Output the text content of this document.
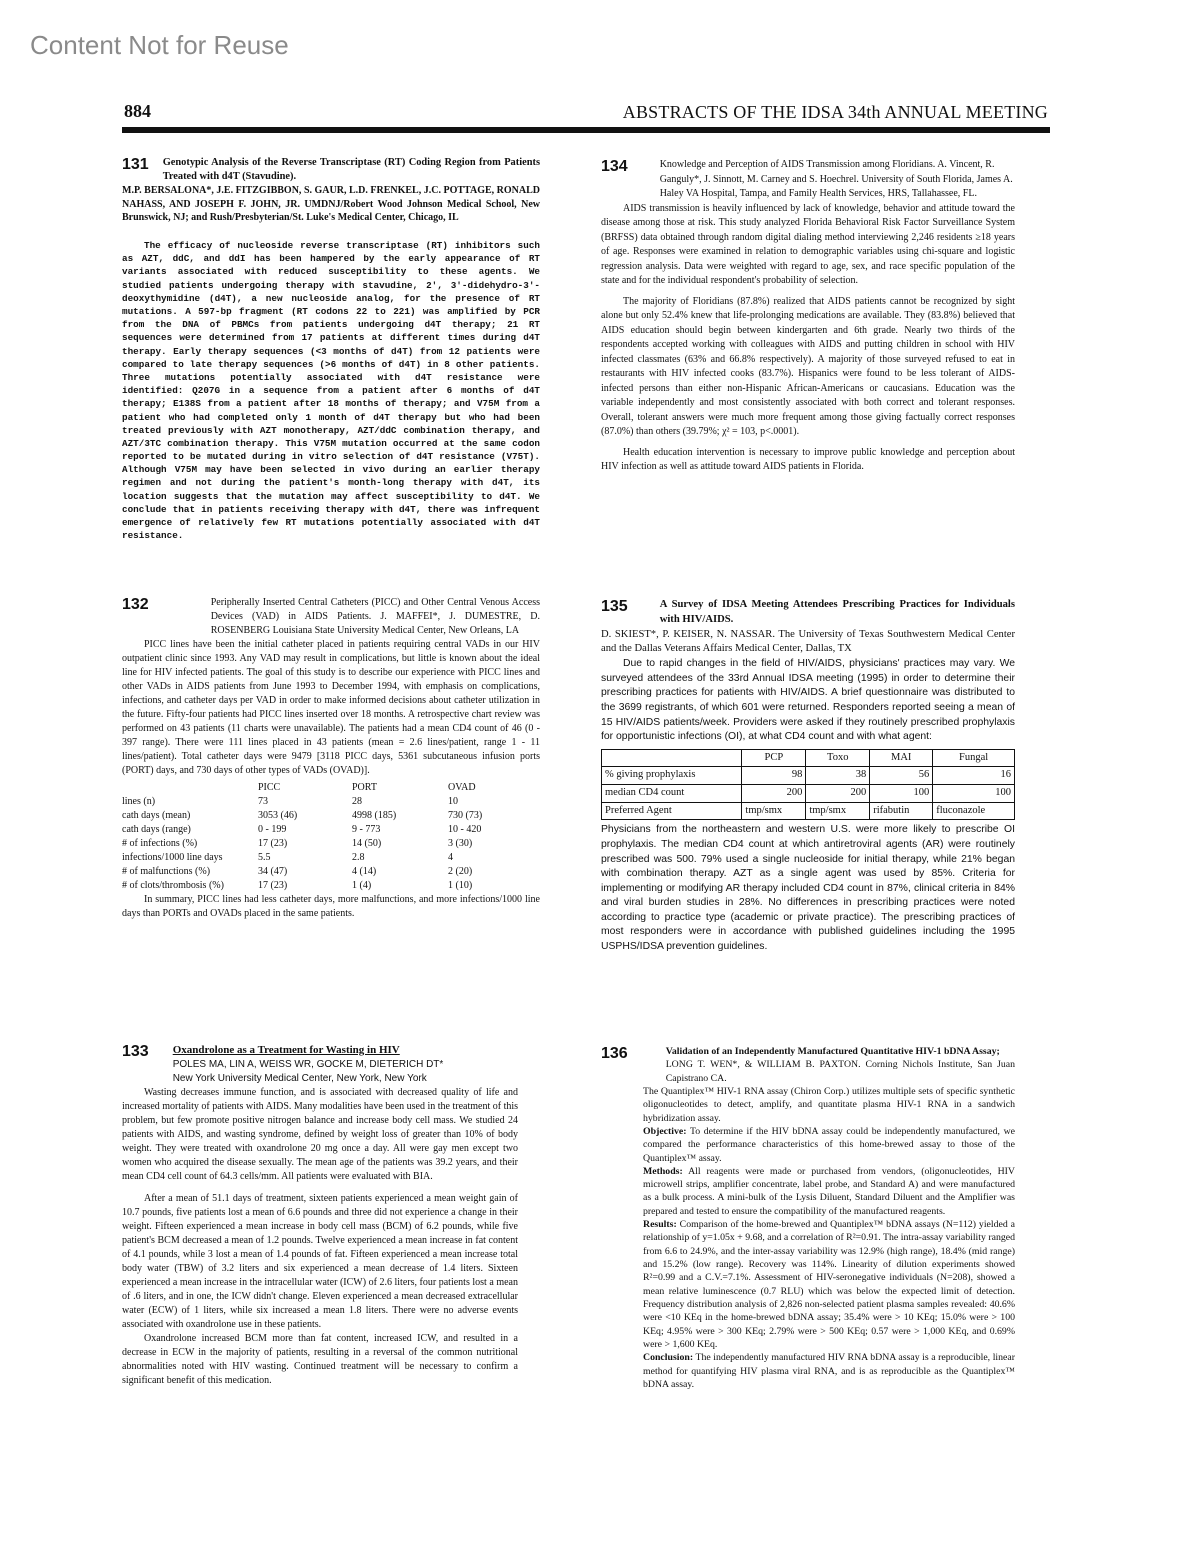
Content Not for Reuse
884	ABSTRACTS OF THE IDSA 34th ANNUAL MEETING
131 Genotypic Analysis of the Reverse Transcriptase (RT) Coding Region from Patients Treated with d4T (Stavudine).

M.P. BERSALONA*, J.E. FITZGIBBON, S. GAUR, L.D. FRENKEL, J.C. POTTAGE, RONALD NAHASS, AND JOSEPH F. JOHN, JR. UMDNJ/Robert Wood Johnson Medical School, New Brunswick, NJ; and Rush/Presbyterian/St. Luke's Medical Center, Chicago, IL

The efficacy of nucleoside reverse transcriptase (RT) inhibitors such as AZT, ddC, and ddI has been hampered by the early appearance of RT variants associated with reduced susceptibility to these agents. We studied patients undergoing therapy with stavudine, 2', 3'-didehydro-3'-deoxythymidine (d4T), a new nucleoside analog, for the presence of RT mutations. A 597-bp fragment (RT codons 22 to 221) was amplified by PCR from the DNA of PBMCs from patients undergoing d4T therapy; 21 RT sequences were determined from 17 patients at different times during d4T therapy. Early therapy sequences (<3 months of d4T) from 12 patients were compared to late therapy sequences (>6 months of d4T) in 8 other patients. Three mutations potentially associated with d4T resistance were identified: Q207G in a sequence from a patient after 6 months of d4T therapy; E138S from a patient after 18 months of therapy; and V75M from a patient who had completed only 1 month of d4T therapy but who had been treated previously with AZT monotherapy, AZT/ddC combination therapy, and AZT/3TC combination therapy. This V75M mutation occurred at the same codon reported to be mutated during in vitro selection of d4T resistance (V75T). Although V75M may have been selected in vivo during an earlier therapy regimen and not during the patient's month-long therapy with d4T, its location suggests that the mutation may affect susceptibility to d4T. We conclude that in patients receiving therapy with d4T, there was infrequent emergence of relatively few RT mutations potentially associated with d4T resistance.

132	Peripherally Inserted Central Catheters (PICC) and Other Central Venous Access Devices (VAD) in AIDS Patients. J. MAFFEI*, J. DUMESTRE, D. ROSENBERG Louisiana State University Medical Center, New Orleans, LA

PICC lines have been the initial catheter placed in patients requiring central VADs in our HIV outpatient clinic since 1993. Any VAD may result in complications, but little is known about the ideal line for HIV infected patients. The goal of this study is to describe our experience with PICC lines and other VADs in AIDS patients from June 1993 to December 1994, with emphasis on complications, infections, and catheter days per VAD in order to make informed decisions about catheter utilization in the future. Fifty-four patients had PICC lines inserted over 18 months. A retrospective chart review was performed on 43 patients (11 charts were unavailable). The patients had a mean CD4 count of 46 (0 - 397 range). There were 111 lines placed in 43 patients (mean = 2.6 lines/patient, range 1 - 11 lines/patient). Total catheter days were 9479 [3118 PICC days, 5361 subcutaneous infusion ports (PORT) days, and 730 days of other types of VADs (OVAD)].

	PICC	PORT	OVAD
lines (n)	73	28	10
cath days (mean)	3053 (46)	4998 (185)	730 (73)
cath days (range)	0 - 199	9 - 773	10 - 420
# of infections (%)	17 (23)	14 (50)	3 (30)
infections/1000 line days	5.5	2.8	4
# of malfunctions (%)	34 (47)	4 (14)	2 (20)
# of clots/thrombosis (%)	17 (23)	1 (4)	1 (10)

In summary, PICC lines had less catheter days, more malfunctions, and more infections/1000 line days than PORTs and OVADs placed in the same patients.

133 Oxandrolone as a Treatment for Wasting in HIV

POLES MA, LIN A, WEISS WR, GOCKE M, DIETERICH DT*

New York University Medical Center, New York, New York

Wasting decreases immune function, and is associated with decreased quality of life and increased mortality of patients with AIDS. Many modalities have been used in the treatment of this problem, but few promote positive nitrogen balance and increase body cell mass. We studied 24 patients with AIDS, and wasting syndrome, defined by weight loss of greater than 10% of body weight. They were treated with oxandrolone 20 mg once a day. All were gay men except two women who acquired the disease sexually. The mean age of the patients was 39.2 years, and their mean CD4 cell count of 64.3 cells/mm. All patients were evaluated with BIA.

After a mean of 51.1 days of treatment, sixteen patients experienced a mean weight gain of 10.7 pounds, five patients lost a mean of 6.6 pounds and three did not experience a change in their weight. Fifteen experienced a mean increase in body cell mass (BCM) of 6.2 pounds, while five patient's BCM decreased a mean of 1.2 pounds. Twelve experienced a mean increase in fat content of 4.1 pounds, while 3 lost a mean of 1.4 pounds of fat. Fifteen experienced a mean increase total body water (TBW) of 3.2 liters and six experienced a mean decrease of 1.4 liters. Sixteen experienced a mean increase in the intracellular water (ICW) of 2.6 liters, four patients lost a mean of .6 liters, and in one, the ICW didn't change. Eleven experienced a mean decreased extracellular water (ECW) of 1 liters, while six increased a mean 1.8 liters. There were no adverse events associated with oxandrolone use in these patients.

Oxandrolone increased BCM more than fat content, increased ICW, and resulted in a decrease in ECW in the majority of patients, resulting in a reversal of the common nutritional abnormalities noted with HIV wasting. Continued treatment will be necessary to confirm a significant benefit of this medication.

134	Knowledge and Perception of AIDS Transmission among Floridians. A. Vincent, R. Ganguly*, J. Sinnott, M. Carney and S. Hoechrel. University of South Florida, James A. Haley VA Hospital, Tampa, and Family Health Services, HRS, Tallahassee, FL.

AIDS transmission is heavily influenced by lack of knowledge, behavior and attitude toward the disease among those at risk. This study analyzed Florida Behavioral Risk Factor Surveillance System (BRFSS) data obtained through random digital dialing method interviewing 2,246 residents ≥18 years of age. Responses were examined in relation to demographic variables using chi-square and logistic regression analysis. Data were weighted with regard to age, sex, and race specific population of the state and for the individual respondent's probability of selection.

The majority of Floridians (87.8%) realized that AIDS patients cannot be recognized by sight alone but only 52.4% knew that life-prolonging medications are available. They (83.8%) believed that AIDS education should begin between kindergarten and 6th grade. Nearly two thirds of the respondents accepted working with colleagues with AIDS and putting children in school with HIV infected classmates (63% and 66.8% respectively). A majority of those surveyed refused to eat in restaurants with HIV infected cooks (83.7%). Hispanics were found to be less tolerant of AIDS-infected persons than either non-Hispanic African-Americans or caucasians. Education was the variable independently and most consistently associated with both correct and tolerant responses. Overall, tolerant answers were much more frequent among those giving factually correct responses (87.0%) than others (39.79%; χ² = 103, p<.0001).

Health education intervention is necessary to improve public knowledge and perception about HIV infection as well as attitude toward AIDS patients in Florida.

135	A Survey of IDSA Meeting Attendees Prescribing Practices for Individuals with HIV/AIDS.

D. SKIEST*, P. KEISER, N. NASSAR. The University of Texas Southwestern Medical Center and the Dallas Veterans Affairs Medical Center, Dallas, TX

Due to rapid changes in the field of HIV/AIDS, physicians' practices may vary. We surveyed attendees of the 33rd Annual IDSA meeting (1995) in order to determine their prescribing practices for patients with HIV/AIDS. A brief questionnaire was distributed to the 3699 registrants, of which 601 were returned. Responders reported seeing a mean of 15 HIV/AIDS patients/week. Providers were asked if they routinely prescribed prophylaxis for opportunistic infections (OI), at what CD4 count and with what agent:

	PCP	Toxo	MAI	Fungal
% giving prophylaxis	98	38	56	16
median CD4 count	200	200	100	100
Preferred Agent	tmp/smx	tmp/smx	rifabutin	fluconazole

Physicians from the northeastern and western U.S. were more likely to prescribe OI prophylaxis. The median CD4 count at which antiretroviral agents (AR) were routinely prescribed was 500. 79% used a single nucleoside for initial therapy, while 21% began with combination therapy. AZT as a single agent was used by 85%. Criteria for implementing or modifying AR therapy included CD4 count in 87%, clinical criteria in 84% and viral burden studies in 28%. No differences in prescribing practices were noted according to practice type (academic or private practice). The prescribing practices of most responders were in accordance with published guidelines including the 1995 USPHS/IDSA prevention guidelines.

136	Validation of an Independently Manufactured Quantitative HIV-1 bDNA Assay;

LONG T. WEN*, & WILLIAM B. PAXTON. Corning Nichols Institute, San Juan Capistrano CA.

The Quantiplex™ HIV-1 RNA assay (Chiron Corp.) utilizes multiple sets of specific synthetic oligonucleotides to detect, amplify, and quantitate plasma HIV-1 RNA in a sandwich hybridization assay.

Objective: To determine if the HIV bDNA assay could be independently manufactured, we compared the performance characteristics of this home-brewed assay to those of the Quantiplex™ assay.

Methods: All reagents were made or purchased from vendors, (oligonucleotides, HIV microwell strips, amplifier concentrate, label probe, and Standard A) and were manufactured as a bulk process. A mini-bulk of the Lysis Diluent, Standard Diluent and the Amplifier was prepared and tested to ensure the compatibility of the manufactured reagents.

Results: Comparison of the home-brewed and Quantiplex™ bDNA assays (N=112) yielded a relationship of y=1.05x + 9.68, and a correlation of R²=0.91. The intra-assay variability ranged from 6.6 to 24.9%, and the inter-assay variability was 12.9% (high range), 18.4% (mid range) and 15.2% (low range). Recovery was 114%. Linearity of dilution experiments showed R²=0.99 and a C.V.=7.1%. Assessment of HIV-seronegative individuals (N=208), showed a mean relative luminescence (0.7 RLU) which was below the expected limit of detection. Frequency distribution analysis of 2,826 non-selected patient plasma samples revealed: 40.6% were <10 KEq in the home-brewed bDNA assay; 35.4% were > 10 KEq; 15.0% were > 100 KEq; 4.95% were > 300 KEq; 2.79% were > 500 KEq; 0.57 were > 1,000 KEq, and 0.69% were > 1,600 KEq.

Conclusion: The independently manufactured HIV RNA bDNA assay is a reproducible, linear method for quantifying HIV plasma viral RNA, and is as reproducible as the Quantiplex™ bDNA assay.
